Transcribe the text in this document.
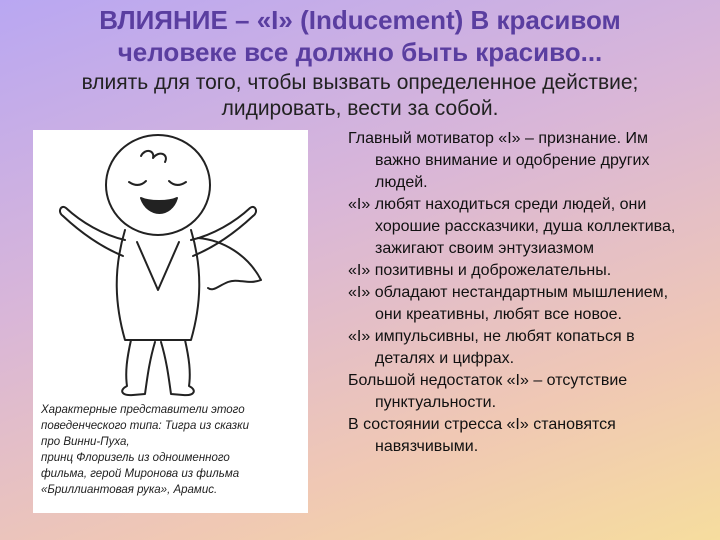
ВЛИЯНИЕ – «I» (Inducement) В красивом
человеке все должно быть красиво...
влиять для того, чтобы вызвать определенное действие;
лидировать, вести за собой.
Характерные представители этого
поведенческого типа: Тигра из сказки
про Винни-Пуха,
принц Флоризель из одноименного
фильма, герой Миронова из фильма
«Бриллиантовая рука», Арамис.
Главный мотиватор «I» – признание. Им важно внимание и одобрение других людей.
«I» любят находиться среди людей, они хорошие рассказчики, душа коллектива, зажигают своим энтузиазмом
«I» позитивны и доброжелательны.
«I» обладают нестандартным мышлением, они креативны, любят все новое.
«I» импульсивны, не любят копаться в деталях и цифрах.
Большой недостаток «I» – отсутствие пунктуальности.
В состоянии стресса «I» становятся навязчивыми.
